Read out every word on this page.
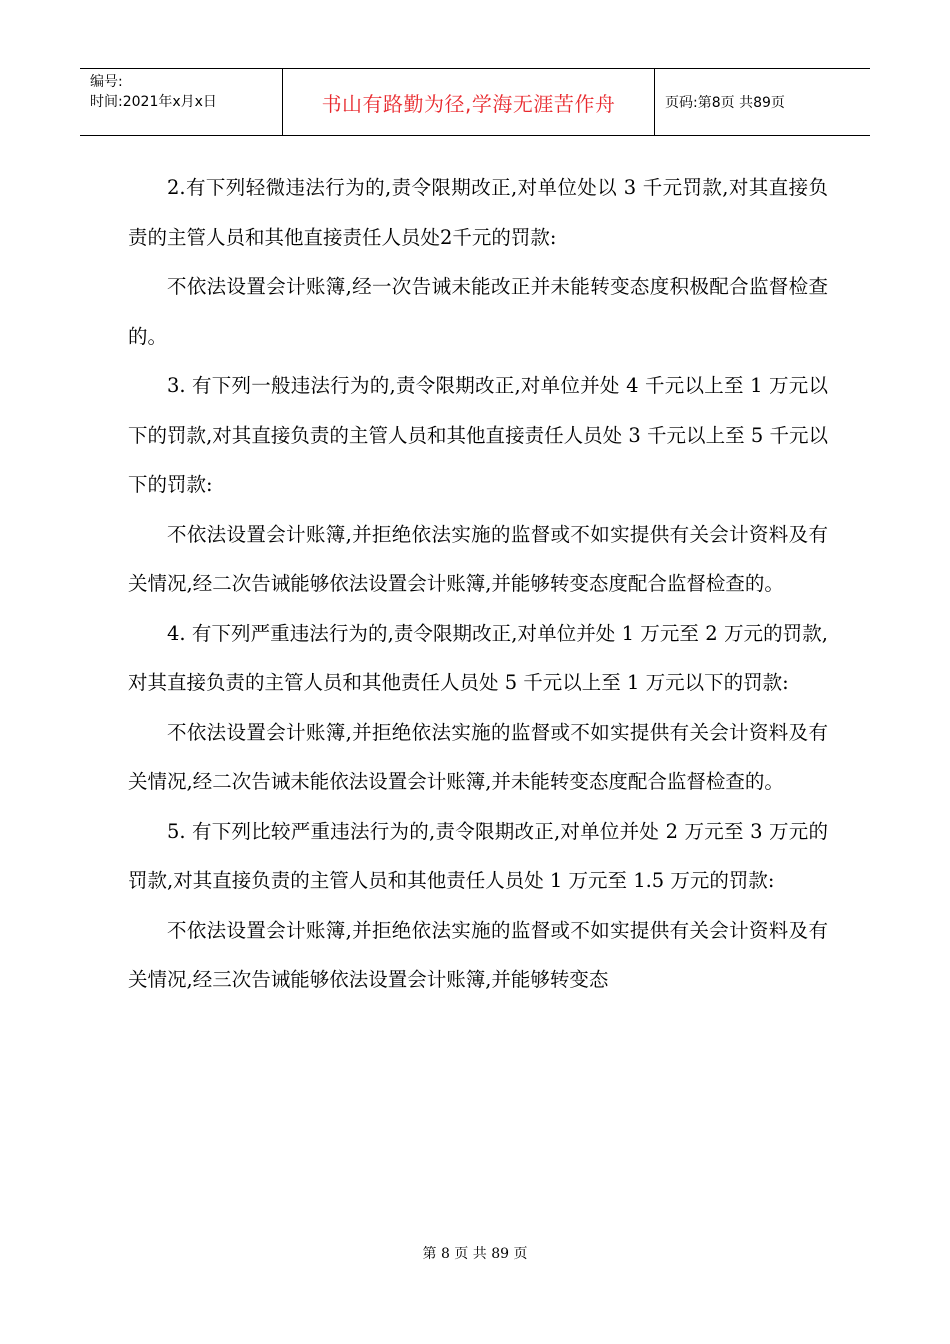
编号:
时间:2021年x月x日	书山有路勤为径,学海无涯苦作舟	页码:第8页 共89页

2.有下列轻微违法行为的,责令限期改正,对单位处以 3 千元罚款,对其直接负责的主管人员和其他直接责任人员处2千元的罚款:

不依法设置会计账簿,经一次告诫未能改正并未能转变态度积极配合监督检查的。

3. 有下列一般违法行为的,责令限期改正,对单位并处 4 千元以上至 1 万元以下的罚款,对其直接负责的主管人员和其他直接责任人员处 3 千元以上至 5 千元以下的罚款:

不依法设置会计账簿,并拒绝依法实施的监督或不如实提供有关会计资料及有关情况,经二次告诫能够依法设置会计账簿,并能够转变态度配合监督检查的。

4. 有下列严重违法行为的,责令限期改正,对单位并处 1 万元至 2 万元的罚款,对其直接负责的主管人员和其他责任人员处 5 千元以上至 1 万元以下的罚款:

不依法设置会计账簿,并拒绝依法实施的监督或不如实提供有关会计资料及有关情况,经二次告诫未能依法设置会计账簿,并未能转变态度配合监督检查的。

5. 有下列比较严重违法行为的,责令限期改正,对单位并处 2 万元至 3 万元的罚款,对其直接负责的主管人员和其他责任人员处 1 万元至 1.5 万元的罚款:

不依法设置会计账簿,并拒绝依法实施的监督或不如实提供有关会计资料及有关情况,经三次告诫能够依法设置会计账簿,并能够转变态

第 8 页 共 89 页
